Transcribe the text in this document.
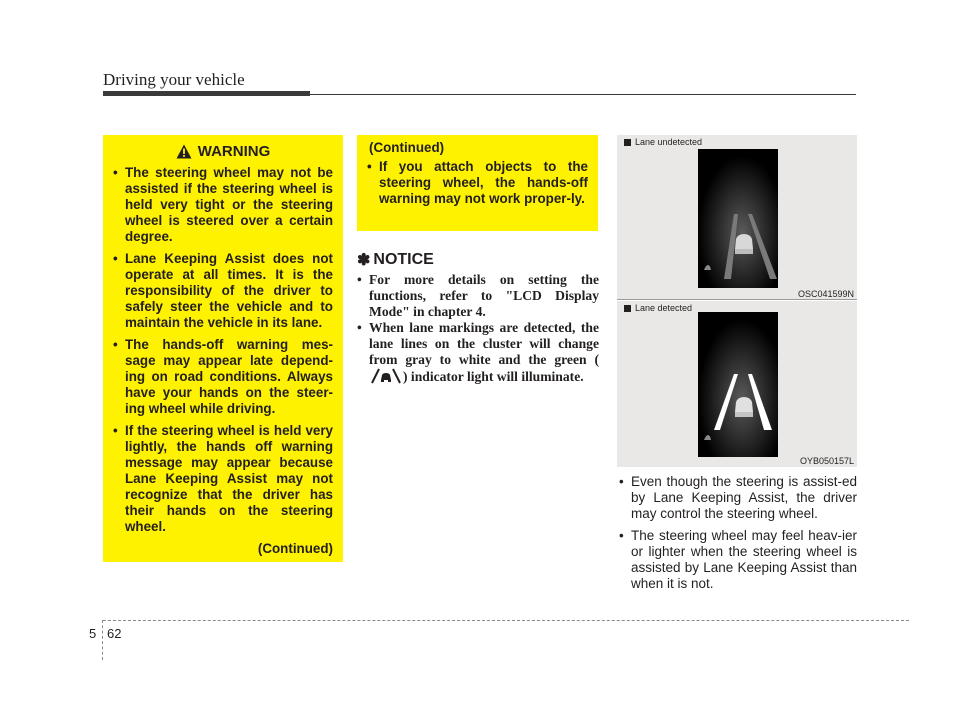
Driving your vehicle
WARNING
• The steering wheel may not be assisted if the steering wheel is held very tight or the steering wheel is steered over a certain degree.
• Lane Keeping Assist does not operate at all times. It is the responsibility of the driver to safely steer the vehicle and to maintain the vehicle in its lane.
• The hands-off warning mes-sage may appear late depend-ing on road conditions. Always have your hands on the steer-ing wheel while driving.
• If the steering wheel is held very lightly, the hands off warning message may appear because Lane Keeping Assist may not recognize that the driver has their hands on the steering wheel.
(Continued)
(Continued)
• If you attach objects to the steering wheel, the hands-off warning may not work proper-ly.
✽ NOTICE
• For more details on setting the functions, refer to "LCD Display Mode" in chapter 4.
• When lane markings are detected, the lane lines on the cluster will change from gray to white and the green () indicator light will illuminate.
Lane undetected
OSC041599N
Lane detected
OYB050157L
• Even though the steering is assist-ed by Lane Keeping Assist, the driver may control the steering wheel.
• The steering wheel may feel heav-ier or lighter when the steering wheel is assisted by Lane Keeping Assist than when it is not.
5 62
